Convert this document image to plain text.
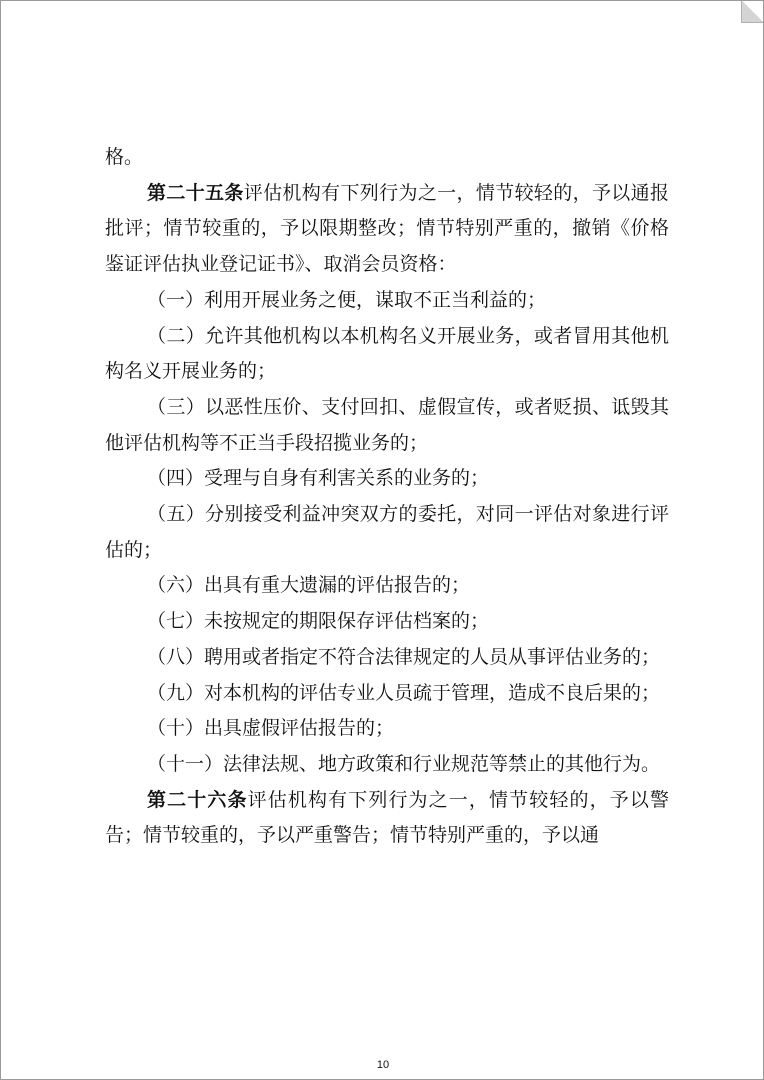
格。

第二十五条评估机构有下列行为之一，情节较轻的，予以通报批评；情节较重的，予以限期整改；情节特别严重的，撤销《价格鉴证评估执业登记证书》、取消会员资格：

（一）利用开展业务之便，谋取不正当利益的；

（二）允许其他机构以本机构名义开展业务，或者冒用其他机构名义开展业务的；

（三）以恶性压价、支付回扣、虚假宣传，或者贬损、诋毁其他评估机构等不正当手段招揽业务的；

（四）受理与自身有利害关系的业务的；

（五）分别接受利益冲突双方的委托，对同一评估对象进行评估的；

（六）出具有重大遗漏的评估报告的；

（七）未按规定的期限保存评估档案的；

（八）聘用或者指定不符合法律规定的人员从事评估业务的；

（九）对本机构的评估专业人员疏于管理，造成不良后果的；

（十）出具虚假评估报告的；

（十一）法律法规、地方政策和行业规范等禁止的其他行为。

第二十六条评估机构有下列行为之一，情节较轻的，予以警告；情节较重的，予以严重警告；情节特别严重的，予以通

10
